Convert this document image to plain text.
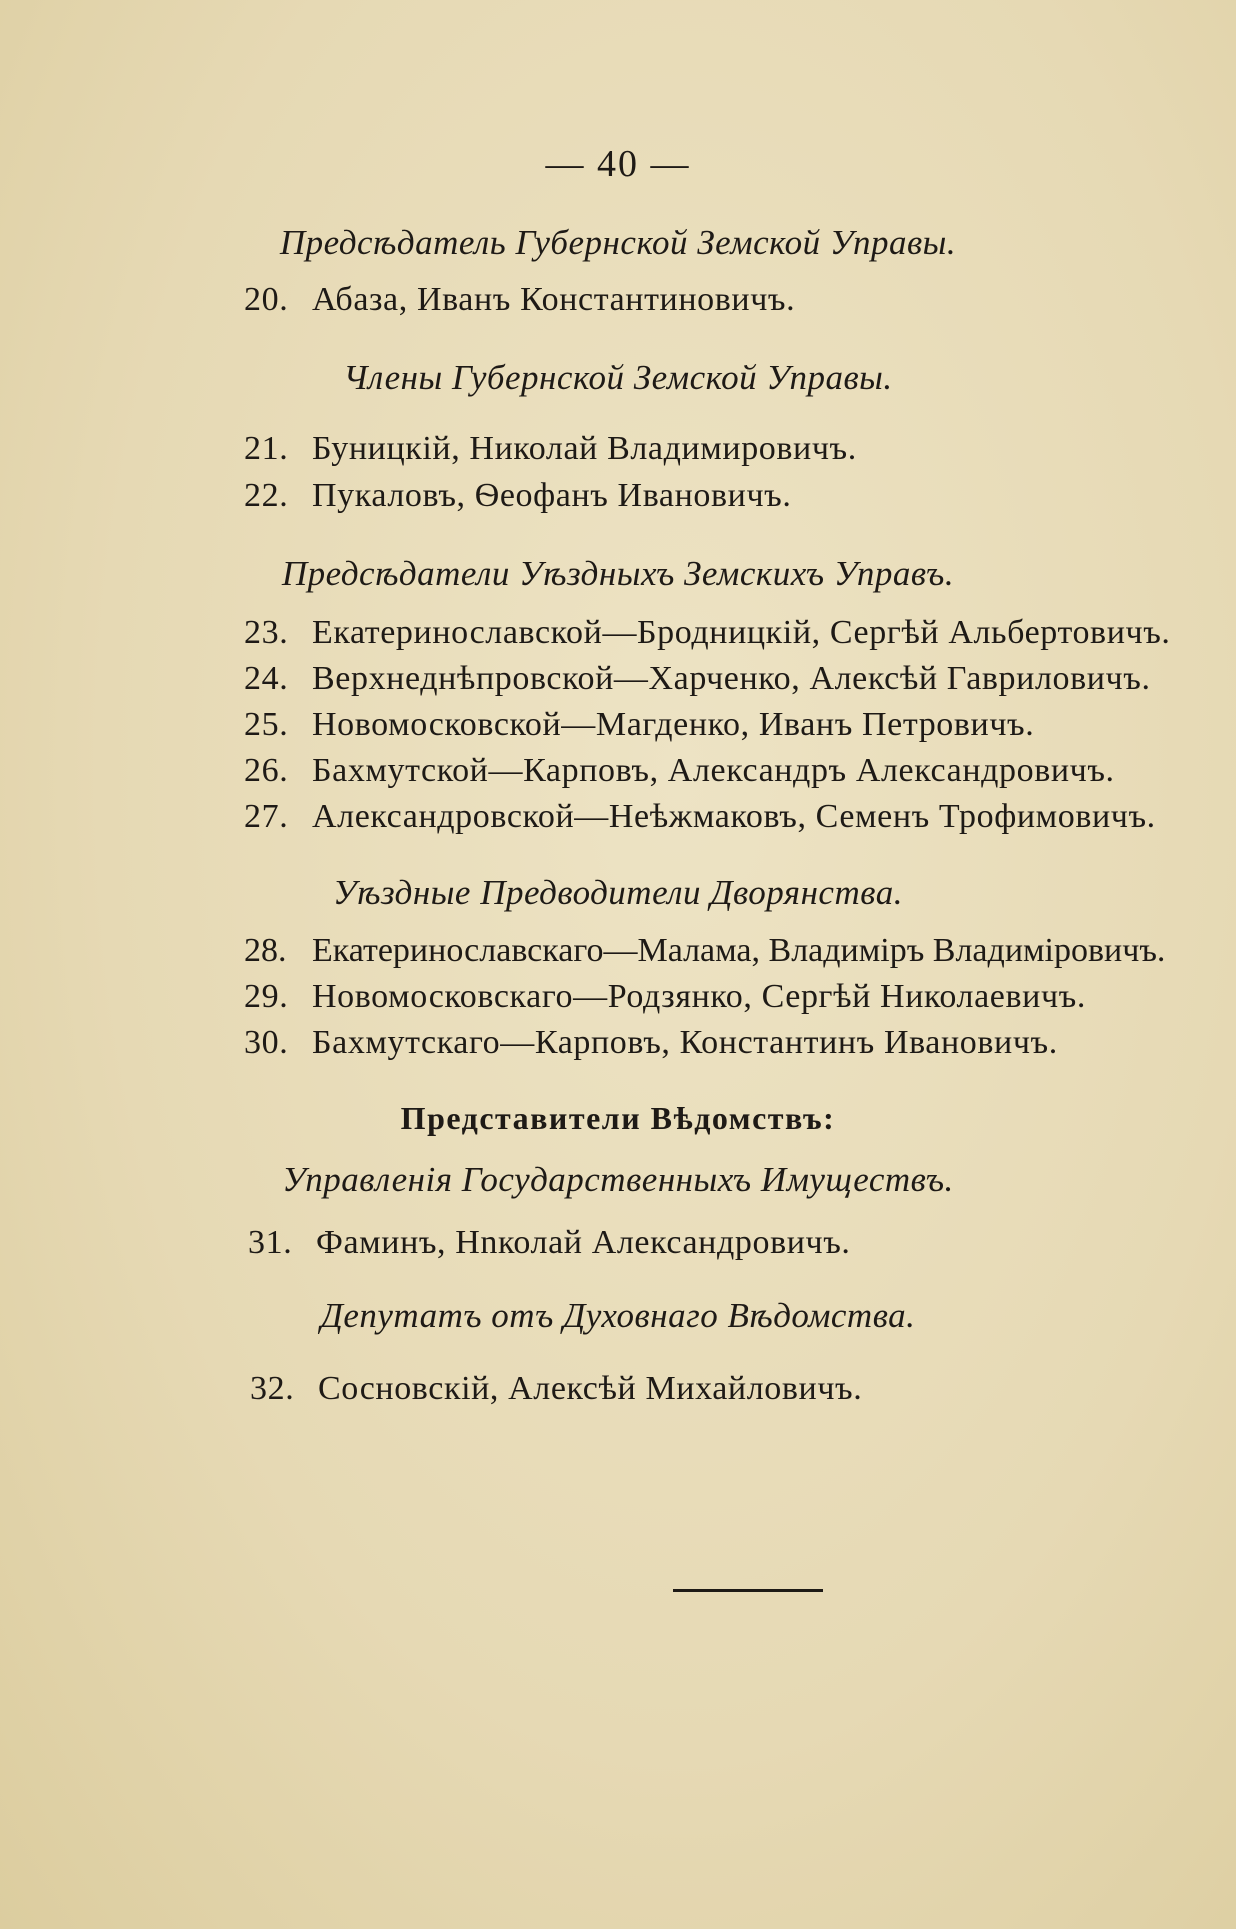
— 40 —
Предсѣдатель Губернской Земской Управы.
20. Абаза, Иванъ Константиновичъ.
Члены Губернской Земской Управы.
21. Буницкій, Николай Владимировичъ.
22. Пукаловъ, Ѳеофанъ Ивановичъ.
Предсѣдатели Уѣздныхъ Земскихъ Управъ.
23. Екатеринославской—Бродницкій, Сергѣй Альбертовичъ.
24. Верхнеднѣпровской—Харченко, Алексѣй Гавриловичъ.
25. Новомосковской—Магденко, Иванъ Петровичъ.
26. Бахмутской—Карповъ, Александръ Александровичъ.
27. Александровской—Неѣжмаковъ, Семенъ Трофимовичъ.
Уѣздные Предводители Дворянства.
28. Екатеринославскаго—Малама, Владиміръ Владиміровичъ.
29. Новомосковскаго—Родзянко, Сергѣй Николаевичъ.
30. Бахмутскаго—Карповъ, Константинъ Ивановичъ.
Представители Вѣдомствъ:
Управленія Государственныхъ Имуществъ.
31. Фаминъ, Нnколай Александровичъ.
Депутатъ отъ Духовнаго Вѣдомства.
32. Сосновскій, Алексѣй Михайловичъ.
